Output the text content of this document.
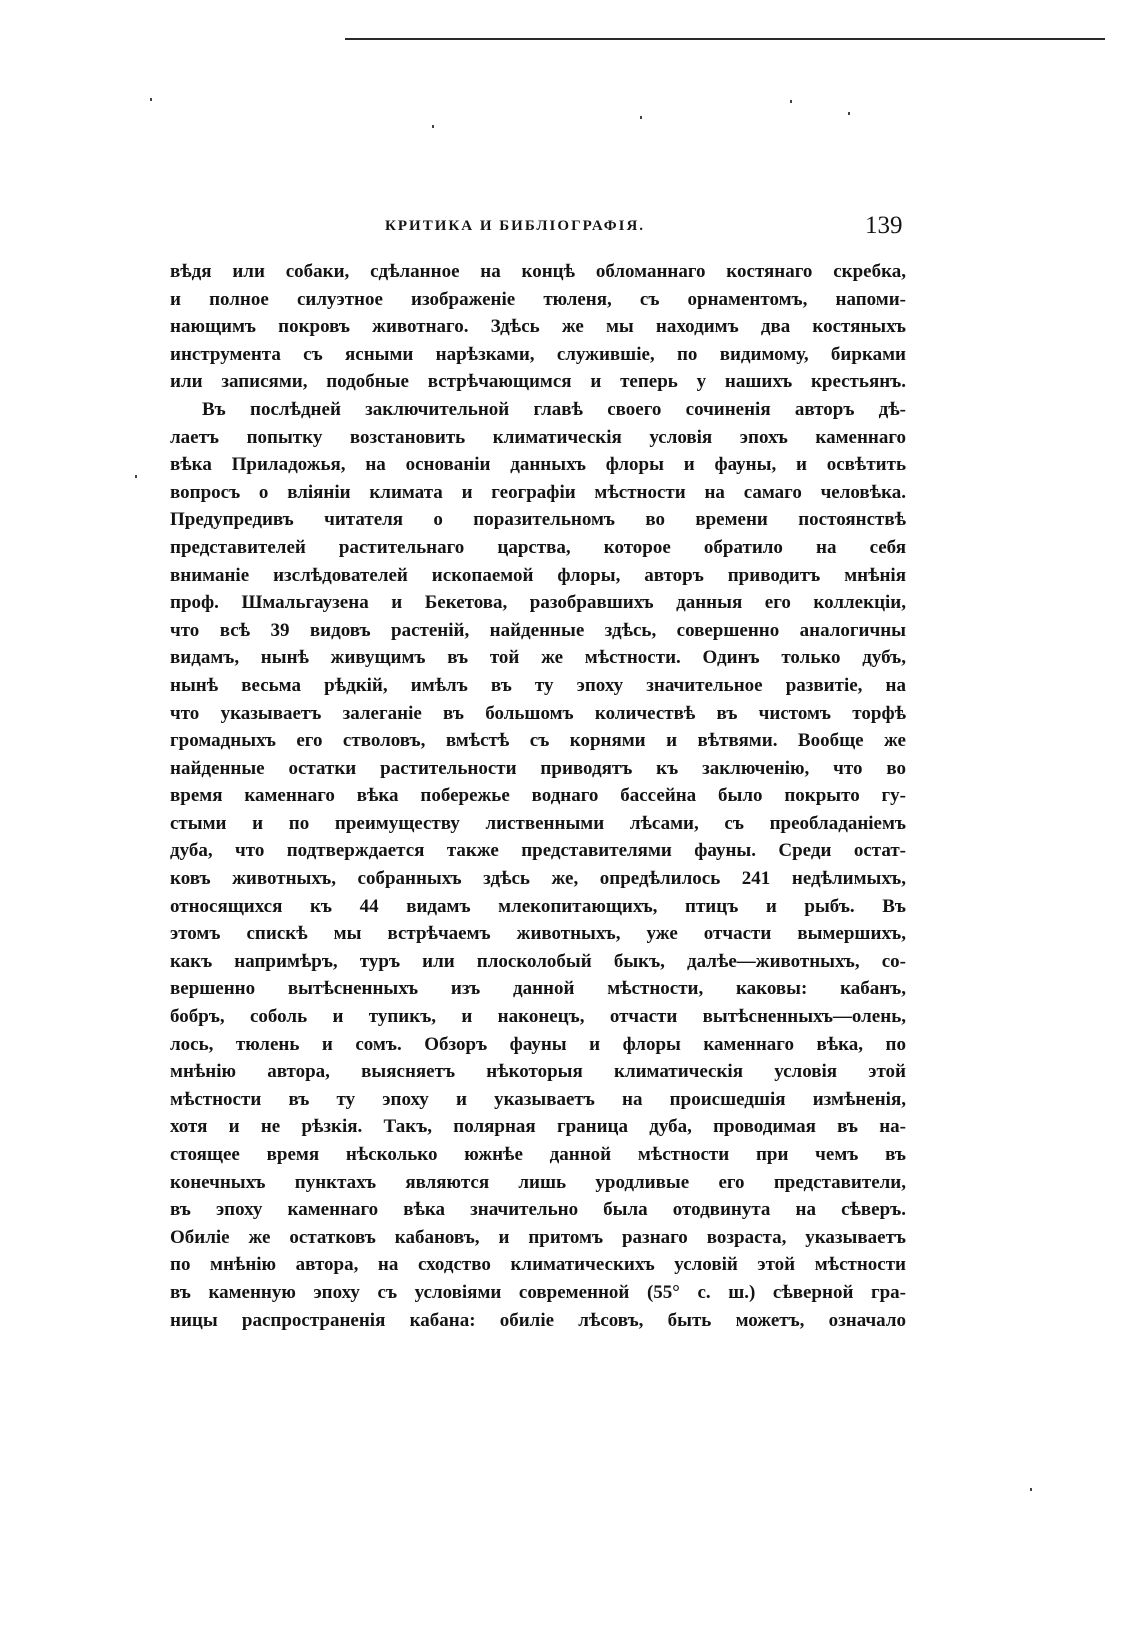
КРИТИКА И БИБЛІОГРАФІЯ.	139
вѣдя или собаки, сдѣланное на концѣ обломаннаго костянаго скребка,
и полное силуэтное изображеніе тюленя, съ орнаментомъ, напоми-
нающимъ покровъ животнаго. Здѣсь же мы находимъ два костяныхъ
инструмента съ ясными нарѣзками, служившіе, по видимому, бирками
или записями, подобные встрѣчающимся и теперь у нашихъ крестьянъ.
Въ послѣдней заключительной главѣ своего сочиненія авторъ дѣ-
лаетъ попытку возстановить климатическія условія эпохъ каменнаго
вѣка Приладожья, на основаніи данныхъ флоры и фауны, и освѣтить
вопросъ о вліяніи климата и географіи мѣстности на самаго человѣка.
Предупредивъ читателя о поразительномъ во времени постоянствѣ
представителей растительнаго царства, которое обратило на себя
вниманіе изслѣдователей ископаемой флоры, авторъ приводитъ мнѣнія
проф. Шмальгаузена и Бекетова, разобравшихъ данныя его коллекціи,
что всѣ 39 видовъ растеній, найденные здѣсь, совершенно аналогичны
видамъ, нынѣ живущимъ въ той же мѣстности. Одинъ только дубъ,
нынѣ весьма рѣдкій, имѣлъ въ ту эпоху значительное развитіе, на
что указываетъ залеганіе въ большомъ количествѣ въ чистомъ торфѣ
громадныхъ его стволовъ, вмѣстѣ съ корнями и вѣтвями. Вообще же
найденные остатки растительности приводятъ къ заключенію, что во
время каменнаго вѣка побережье воднаго бассейна было покрыто гу-
стыми и по преимуществу лиственными лѣсами, съ преобладаніемъ
дуба, что подтверждается также представителями фауны. Среди остат-
ковъ животныхъ, собранныхъ здѣсь же, опредѣлилось 241 недѣлимыхъ,
относящихся къ 44 видамъ млекопитающихъ, птицъ и рыбъ. Въ
этомъ спискѣ мы встрѣчаемъ животныхъ, уже отчасти вымершихъ,
какъ напримѣръ, туръ или плосколобый быкъ, далѣе—животныхъ, со-
вершенно вытѣсненныхъ изъ данной мѣстности, каковы: кабанъ,
бобръ, соболь и тупикъ, и наконецъ, отчасти вытѣсненныхъ—олень,
лось, тюлень и сомъ. Обзоръ фауны и флоры каменнаго вѣка, по
мнѣнію автора, выясняетъ нѣкоторыя климатическія условія этой
мѣстности въ ту эпоху и указываетъ на происшедшія измѣненія,
хотя и не рѣзкія. Такъ, полярная граница дуба, проводимая въ на-
стоящее время нѣсколько южнѣе данной мѣстности при чемъ въ
конечныхъ пунктахъ являются лишь уродливые его представители,
въ эпоху каменнаго вѣка значительно была отодвинута на сѣверъ.
Обиліе же остатковъ кабановъ, и притомъ разнаго возраста, указываетъ
по мнѣнію автора, на сходство климатическихъ условій этой мѣстности
въ каменную эпоху съ условіями современной (55° с. ш.) сѣверной гра-
ницы распространенія кабана: обиліе лѣсовъ, быть можетъ, означало
